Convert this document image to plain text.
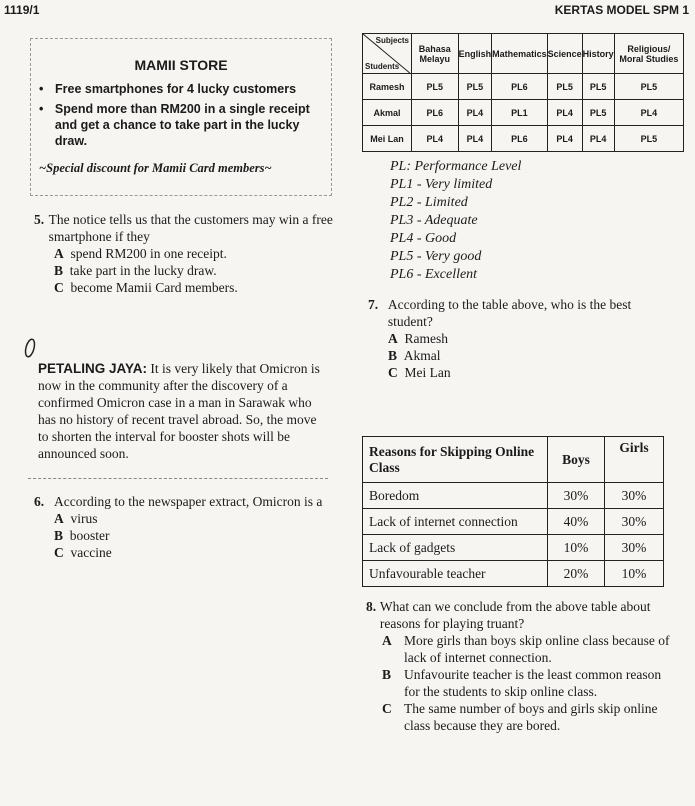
1119/1	KERTAS MODEL SPM 1
MAMII STORE
• Free smartphones for 4 lucky customers
• Spend more than RM200 in a single receipt and get a chance to take part in the lucky draw.
~Special discount for Mamii Card members~
5. The notice tells us that the customers may win a free smartphone if they
A spend RM200 in one receipt.
B take part in the lucky draw.
C become Mamii Card members.
PETALING JAYA: It is very likely that Omicron is now in the community after the discovery of a confirmed Omicron case in a man in Sarawak who has no history of recent travel abroad. So, the move to shorten the interval for booster shots will be announced soon.
6. According to the newspaper extract, Omicron is a
A virus
B booster
C vaccine
Subjects
Students	Bahasa Melayu	English	Mathematics	Science	History	Religious/ Moral Studies
Ramesh	PL5	PL5	PL6	PL5	PL5	PL5
Akmal	PL6	PL4	PL1	PL4	PL5	PL4
Mei Lan	PL4	PL4	PL6	PL4	PL4	PL5
PL: Performance Level
PL1 - Very limited
PL2 - Limited
PL3 - Adequate
PL4 - Good
PL5 - Very good
PL6 - Excellent
7. According to the table above, who is the best student?
A Ramesh
B Akmal
C Mei Lan
Reasons for Skipping Online Class	Boys	Girls
Boredom	30%	30%
Lack of internet connection	40%	30%
Lack of gadgets	10%	30%
Unfavourable teacher	20%	10%
8. What can we conclude from the above table about reasons for playing truant?
A More girls than boys skip online class because of lack of internet connection.
B Unfavourite teacher is the least common reason for the students to skip online class.
C The same number of boys and girls skip online class because they are bored.
